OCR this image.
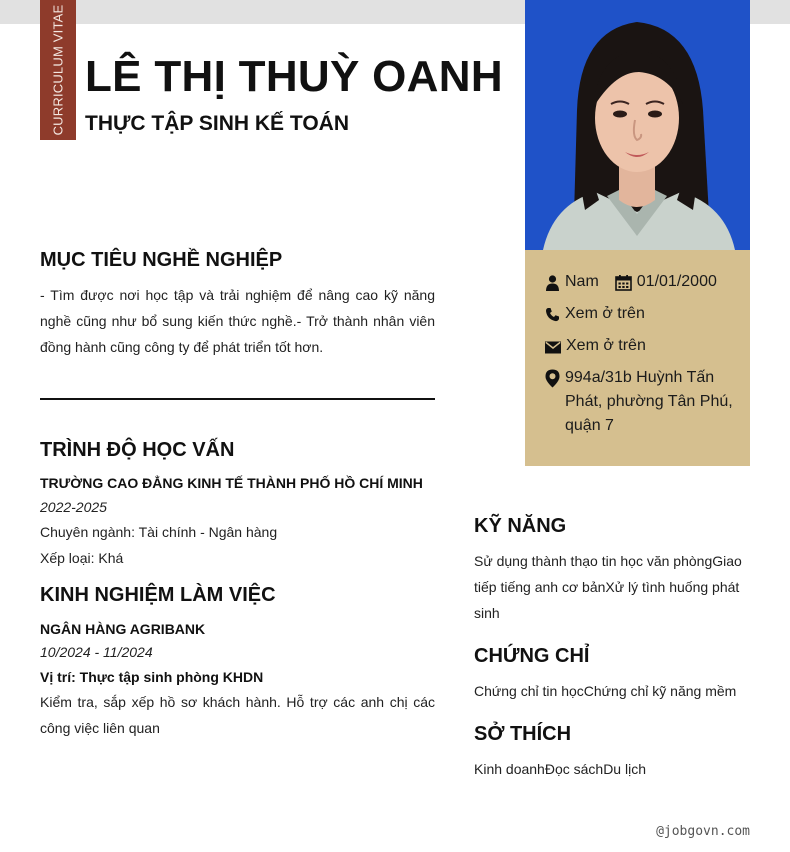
CURRICULUM VITAE LÊ THỊ THUỲ OANH
THỰC TẬP SINH KẾ TOÁN
Nam 01/01/2000
Xem ở trên
Xem ở trên
994a/31b Huỳnh Tấn Phát, phường Tân Phú, quận 7
MỤC TIÊU NGHỀ NGHIỆP
- Tìm được nơi học tập và trải nghiệm để nâng cao kỹ năng nghề cũng như bổ sung kiến thức nghề.- Trở thành nhân viên đồng hành cũng công ty để phát triển tốt hơn.
TRÌNH ĐỘ HỌC VẤN
TRƯỜNG CAO ĐẲNG KINH TẾ THÀNH PHỐ HỒ CHÍ MINH
2022-2025
Chuyên ngành: Tài chính - Ngân hàng
Xếp loại: Khá
KINH NGHIỆM LÀM VIỆC
NGÂN HÀNG AGRIBANK
10/2024 - 11/2024
Vị trí: Thực tập sinh phòng KHDN
Kiểm tra, sắp xếp hồ sơ khách hành. Hỗ trợ các anh chị các công việc liên quan
KỸ NĂNG
Sử dụng thành thạo tin học văn phòngGiao tiếp tiếng anh cơ bảnXử lý tình huống phát sinh
CHỨNG CHỈ
Chứng chỉ tin họcChứng chỉ kỹ năng mềm
SỞ THÍCH
Kinh doanhĐọc sáchDu lịch
@jobgovn.com
